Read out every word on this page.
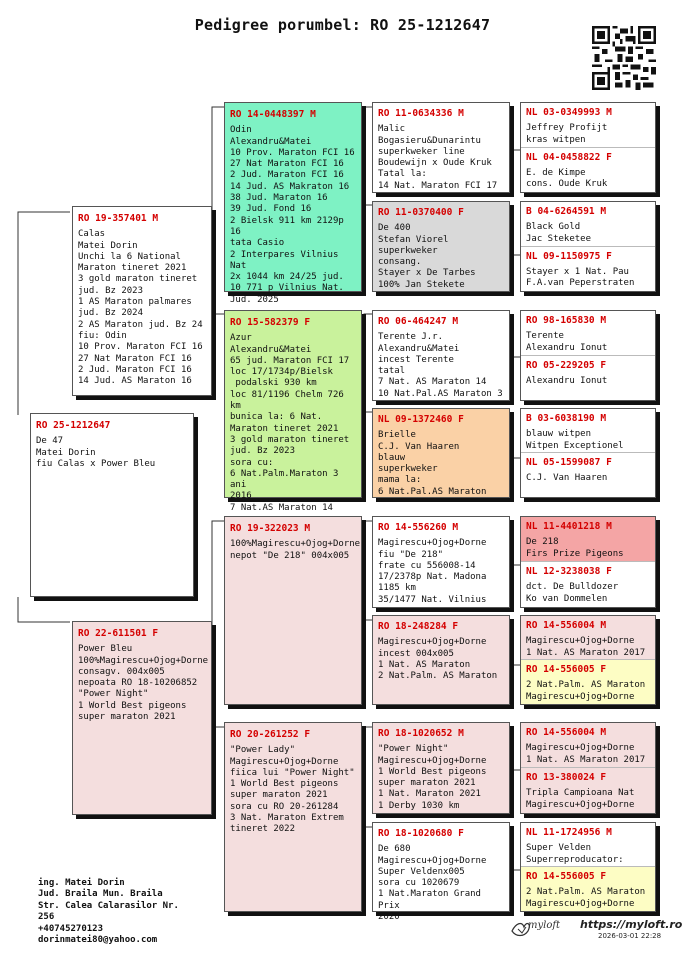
Pedigree porumbel: RO 25-1212647
RO 25-1212647
De 47
Matei Dorin
fiu Calas x Power Bleu
RO 19-357401 M
Calas
Matei Dorin
Unchi la 6 National
Maraton tineret 2021
3 gold maraton tineret
jud. Bz 2023
1 AS Maraton palmares
jud. Bz 2024
2 AS Maraton jud. Bz 24
fiu: Odin
10 Prov. Maraton FCI 16
27 Nat Maraton FCI 16
2 Jud. Maraton FCI 16
14 Jud. AS Maraton 16
RO 22-611501 F
Power Bleu
100%Magirescu+Ojog+Dorne
consagv. 004x005
nepoata RO 18-10206852
"Power Night"
1 World Best pigeons
super maraton 2021
RO 14-0448397 M
Odin
Alexandru&Matei
10 Prov. Maraton FCI 16
27 Nat Maraton FCI 16
2 Jud. Maraton FCI 16
14 Jud. AS Makraton 16
38 Jud. Maraton 16
39 Jud. Fond 16
2 Bielsk 911 km 2129p 16
tata Casio
2 Interpares Vilnius Nat
2x 1044 km 24/25 jud.
10 771 p Vilnius Nat.
Jud. 2025
RO 15-582379 F
Azur
Alexandru&Matei
65 jud. Maraton FCI 17
loc 17/1734p/Bielsk
podalski 930 km
loc 81/1196 Chelm 726 km
bunica la: 6 Nat.
Maraton tineret 2021
3 gold maraton tineret
jud. Bz 2023
sora cu:
6 Nat.Palm.Maraton 3 ani
2016
7 Nat.AS Maraton 14
RO 19-322023 M
100%Magirescu+Ojog+Dorne
nepot "De 218" 004x005
RO 20-261252 F
"Power Lady"
Magirescu+Ojog+Dorne
fiica lui "Power Night"
1 World Best pigeons
super maraton 2021
sora cu RO 20-261284
3 Nat. Maraton Extrem
tineret 2022
RO 11-0634336 M
Malic
Bogasieru&Dunarintu
superkweker line
Boudewijn x Oude Kruk
Tatal la:
14 Nat. Maraton FCI 17
RO 11-0370400 F
De 400
Stefan Viorel
superkweker
consang.
Stayer x De Tarbes
100% Jan Stekete
RO 06-464247 M
Terente J.r.
Alexandru&Matei
incest Terente
tatal
7 Nat. AS Maraton 14
10 Nat.Pal.AS Maraton 3
NL 09-1372460 F
Brielle
C.J. Van Haaren
blauw
superkweker
mama la:
6 Nat.Pal.AS Maraton
RO 14-556260 M
Magirescu+Ojog+Dorne
fiu "De 218"
frate cu 556008-14
17/2378p Nat. Madona
1185 km
35/1477 Nat. Vilnius
RO 18-248284 F
Magirescu+Ojog+Dorne
incest 004x005
1 Nat. AS Maraton
2 Nat.Palm. AS Maraton
RO 18-1020652 M
"Power Night"
Magirescu+Ojog+Dorne
1 World Best pigeons
super maraton 2021
1 Nat. Maraton 2021
1 Derby 1030 km
RO 18-1020680 F
De 680
Magirescu+Ojog+Dorne
Super Veldenx005
sora cu 1020679
1 Nat.Maraton Grand Prix
2020
NL 03-0349993 M
Jeffrey Profijt
kras witpen
NL 04-0458822 F
E. de Kimpe
cons. Oude Kruk
B 04-6264591 M
Black Gold
Jac Steketee
NL 09-1150975 F
Stayer x 1 Nat. Pau
F.A.van Peperstraten
RO 98-165830 M
Terente
Alexandru Ionut
RO 05-229205 F
Alexandru Ionut
B 03-6038190 M
blauw witpen
Witpen Exceptionel
NL 05-1599087 F
C.J. Van Haaren
NL 11-4401218 M
De 218
Firs Prize Pigeons
NL 12-3238038 F
dct. De Bulldozer
Ko van Dommelen
RO 14-556004 M
Magirescu+Ojog+Dorne
1 Nat. AS Maraton 2017
RO 14-556005 F
2 Nat.Palm. AS Maraton
Magirescu+Ojog+Dorne
RO 14-556004 M
Magirescu+Ojog+Dorne
1 Nat. AS Maraton 2017
RO 13-380024 F
Tripla Campioana Nat
Magirescu+Ojog+Dorne
NL 11-1724956 M
Super Velden
Superreproducator:
RO 14-556005 F
2 Nat.Palm. AS Maraton
Magirescu+Ojog+Dorne
ing. Matei Dorin
Jud. Braila Mun. Braila
Str. Calea Calarasilor Nr.
256
+40745270123
dorinmatei80@yahoo.com
myloft https://myloft.ro
2026-03-01 22:28
